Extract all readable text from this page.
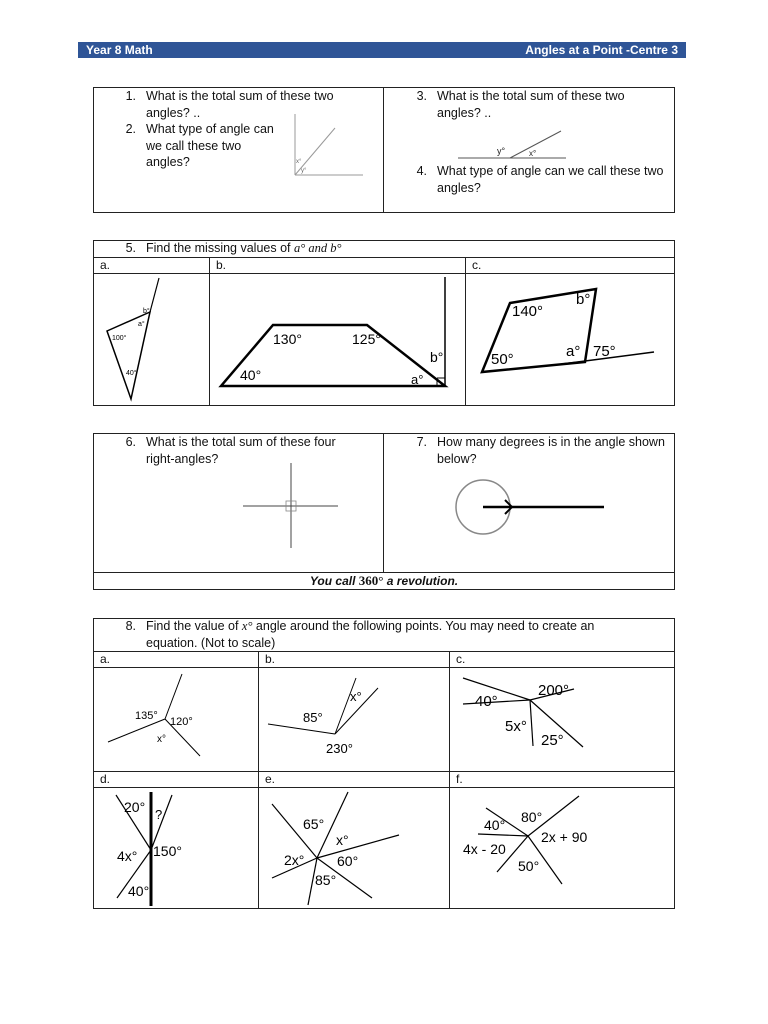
Year 8 Math	Angles at a Point -Centre 3
1. What is the total sum of these two angles? ..
2. What type of angle can we call these two angles?	x°
y°
3. What is the total sum of these two angles? ..
y°	x°
4. What type of angle can we call these two angles?
5. Find the missing values of a° and b°
a.	b.	c.
b°
a°
100°
40°
130°	125°
40°
b°
a°
140°
b°
50°	a° 75°
6. What is the total sum of these four right-angles?
7. How many degrees is in the angle shown below?
You call 360° a revolution.
8. Find the value of x° angle around the following points. You may need to create an equation. (Not to scale)
a.	b.	c.
d.	e.	f.
135° 120°
x°
85°
x°
230°
40°
200°
5x°
25°
20° ?
4x° 150°
40°
65°
x°
2x° 60°
85°
40° 80°
2x + 90
4x - 20
50°
